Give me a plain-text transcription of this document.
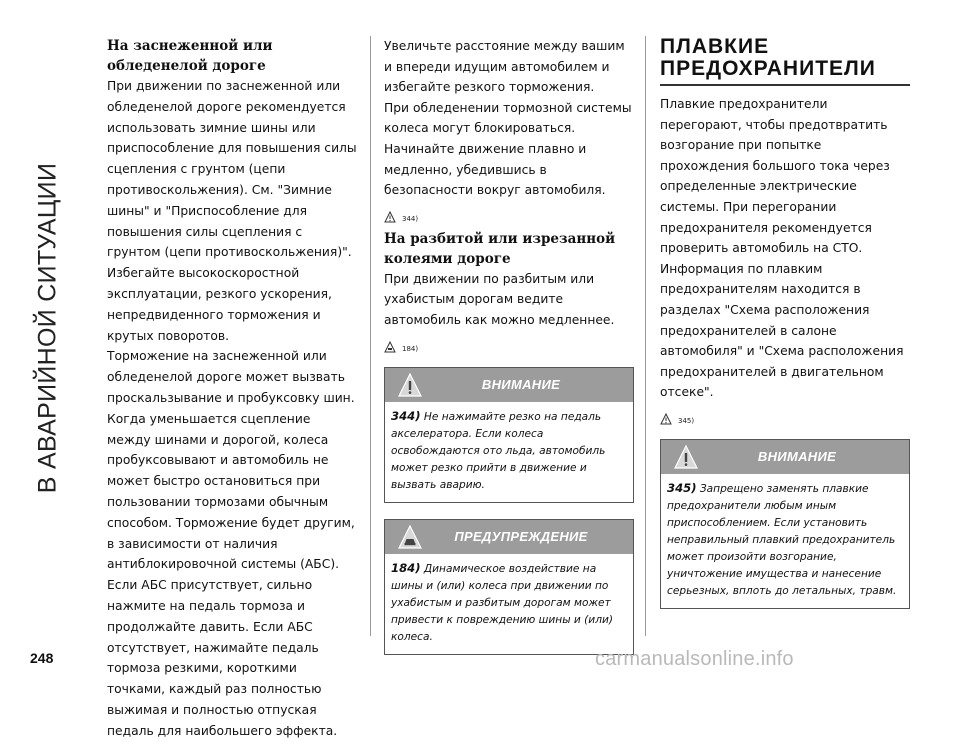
В АВАРИЙНОЙ СИТУАЦИИ
На заснеженной или обледенелой дороге

При движении по заснеженной или обледенелой дороге рекомендуется использовать зимние шины или приспособление для повышения силы сцепления с грунтом (цепи противоскольжения). См. "Зимние шины" и "Приспособление для повышения силы сцепления с грунтом (цепи противоскольжения)".

Избегайте высокоскоростной эксплуатации, резкого ускорения, непредвиденного торможения и крутых поворотов.

Торможение на заснеженной или обледенелой дороге может вызвать проскальзывание и пробуксовку шин. Когда уменьшается сцепление между шинами и дорогой, колеса пробуксовывают и автомобиль не может быстро остановиться при пользовании тормозами обычным способом. Торможение будет другим, в зависимости от наличия антиблокировочной системы (АБС). Если АБС присутствует, сильно нажмите на педаль тормоза и продолжайте давить. Если АБС отсутствует, нажимайте педаль тормоза резкими, короткими точками, каждый раз полностью выжимая и полностью отпуская педаль для наибольшего эффекта.

Увеличьте расстояние между вашим и впереди идущим автомобилем и избегайте резкого торможения.

При обледенении тормозной системы колеса могут блокироваться.

Начинайте движение плавно и медленно, убедившись в безопасности вокруг автомобиля.

344)
На разбитой или изрезанной колеями дороге

При движении по разбитым или ухабистым дорогам ведите автомобиль как можно медленнее.

184)
ВНИМАНИЕ
344) Не нажимайте резко на педаль акселератора. Если колеса освобождаются ото льда, автомобиль может резко прийти в движение и вызвать аварию.
ПРЕДУПРЕЖДЕНИЕ
184) Динамическое воздействие на шины и (или) колеса при движении по ухабистым и разбитым дорогам может привести к повреждению шины и (или) колеса.
ПЛАВКИЕ
ПРЕДОХРАНИТЕЛИ

Плавкие предохранители перегорают, чтобы предотвратить возгорание при попытке прохождения большого тока через определенные электрические системы. При перегорании предохранителя рекомендуется проверить автомобиль на СТО. Информация по плавким предохранителям находится в разделах "Схема расположения предохранителей в салоне автомобиля" и "Схема расположения предохранителей в двигательном отсеке".

345)
ВНИМАНИЕ
345) Запрещено заменять плавкие предохранители любым иным приспособлением. Если установить неправильный плавкий предохранитель может произойти возгорание, уничтожение имущества и нанесение серьезных, вплоть до летальных, травм.
248	carmanualsonline.info
